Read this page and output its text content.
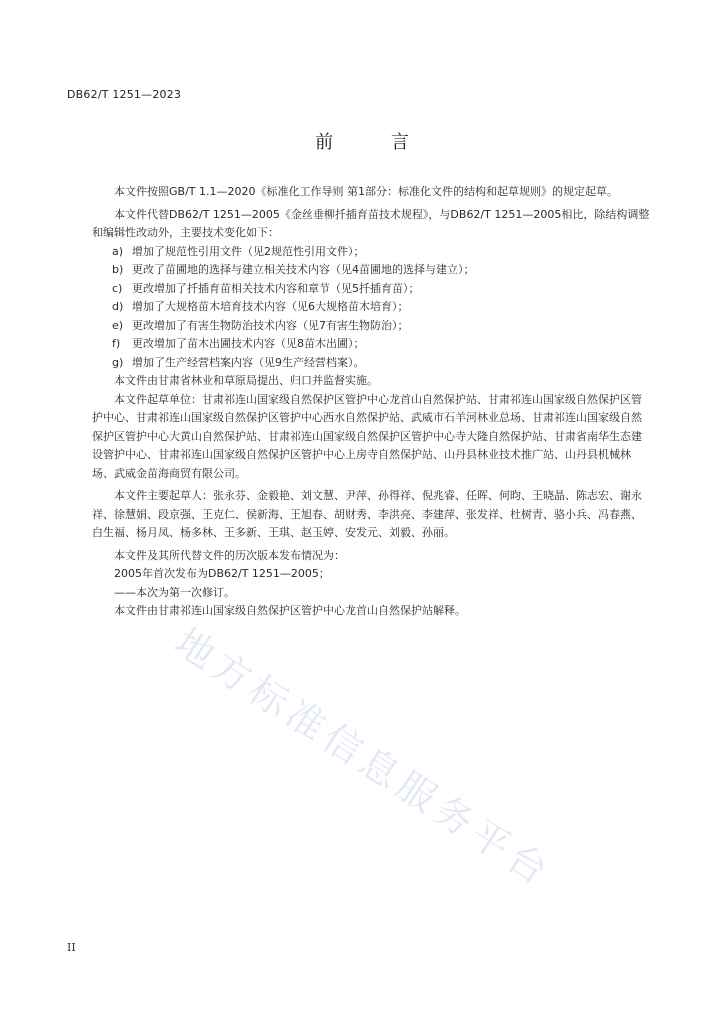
DB62/T 1251—2023
前 言

本文件按照GB/T 1.1—2020《标准化工作导则 第1部分：标准化文件的结构和起草规则》的规定起草。

本文件代替DB62/T 1251—2005《金丝垂柳扦插育苗技术规程》，与DB62/T 1251—2005相比，除结构调整和编辑性改动外，主要技术变化如下：

a) 增加了规范性引用文件（见2规范性引用文件）；
b) 更改了苗圃地的选择与建立相关技术内容（见4苗圃地的选择与建立）；
c) 更改增加了扦插育苗相关技术内容和章节（见5扦插育苗）；
d) 增加了大规格苗木培育技术内容（见6大规格苗木培育）；
e) 更改增加了有害生物防治技术内容（见7有害生物防治）；
f)	更改增加了苗木出圃技术内容（见8苗木出圃）；
g) 增加了生产经营档案内容（见9生产经营档案）。

本文件由甘肃省林业和草原局提出、归口并监督实施。

本文件起草单位：甘肃祁连山国家级自然保护区管护中心龙首山自然保护站、甘肃祁连山国家级自然保护区管护中心、甘肃祁连山国家级自然保护区管护中心西水自然保护站、武威市石羊河林业总场、甘肃祁连山国家级自然保护区管护中心大黄山自然保护站、甘肃祁连山国家级自然保护区管护中心寺大隆自然保护站、甘肃省南华生态建设管护中心、甘肃祁连山国家级自然保护区管护中心上房寺自然保护站、山丹县林业技术推广站、山丹县机械林场、武威金苗海商贸有限公司。

本文件主要起草人：张永芬、金毅艳、刘文慧、尹萍、孙得祥、倪兆睿、任晖、何昀、王晓晶、陈志宏、谢永祥、徐慧娟、段京强、王克仁、侯新海、王旭春、胡财秀、李洪亮、李建萍、张发祥、杜树青、骆小兵、冯春燕、白生福、杨月凤、杨多林、王多新、王琪、赵玉婷、安发元、刘毅、孙丽。

本文件及其所代替文件的历次版本发布情况为：

2005年首次发布为DB62/T 1251—2005；

——本次为第一次修订。

本文件由甘肃祁连山国家级自然保护区管护中心龙首山自然保护站解释。

地方标准信息服务平台
II
